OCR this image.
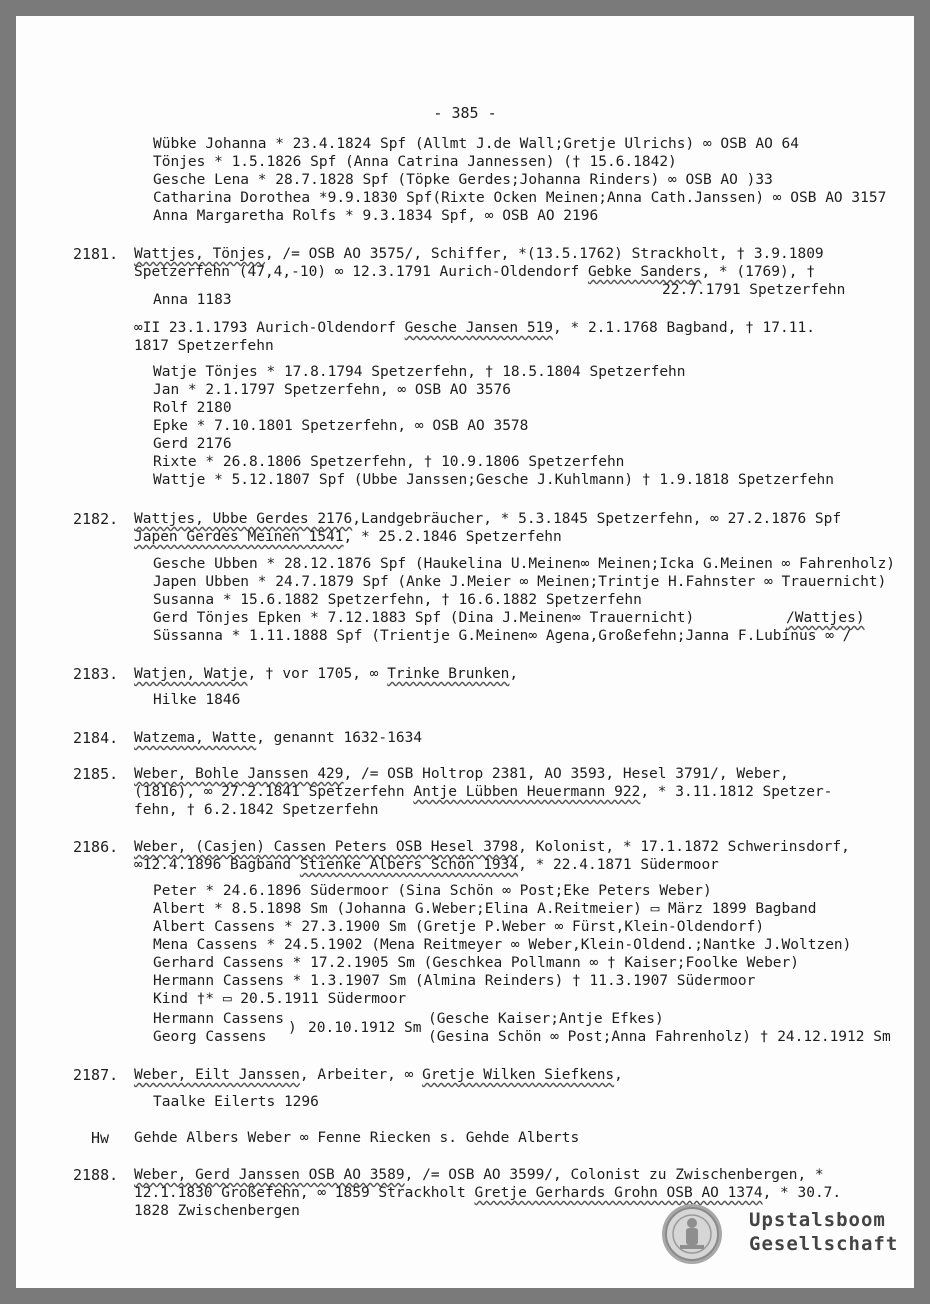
- 385 -
Wübke Johanna * 23.4.1824 Spf (Allmt J.de Wall;Gretje Ulrichs) ∞ OSB AO 64
Tönjes * 1.5.1826 Spf (Anna Catrina Jannessen) († 15.6.1842)
Gesche Lena * 28.7.1828 Spf (Töpke Gerdes;Johanna Rinders) ∞ OSB AO )33
Catharina Dorothea *9.9.1830 Spf(Rixte Ocken Meinen;Anna Cath.Janssen) ∞ OSB AO 3157
Anna Margaretha Rolfs * 9.3.1834 Spf, ∞ OSB AO 2196
2181. Wattjes, Tönjes, /= OSB AO 3575/, Schiffer, *(13.5.1762) Strackholt, † 3.9.1809
Spetzerfehn (47,4,-10) ∞ 12.3.1791 Aurich-Oldendorf Gebke Sanders, * (1769), †
22.7.1791 Spetzerfehn
Anna 1183
∞II 23.1.1793 Aurich-Oldendorf Gesche Jansen 519, * 2.1.1768 Bagband, † 17.11.
1817 Spetzerfehn
Watje Tönjes * 17.8.1794 Spetzerfehn, † 18.5.1804 Spetzerfehn
Jan * 2.1.1797 Spetzerfehn, ∞ OSB AO 3576
Rolf 2180
Epke * 7.10.1801 Spetzerfehn, ∞ OSB AO 3578
Gerd 2176
Rixte * 26.8.1806 Spetzerfehn, † 10.9.1806 Spetzerfehn
Wattje * 5.12.1807 Spf (Ubbe Janssen;Gesche J.Kuhlmann) † 1.9.1818 Spetzerfehn
2182. Wattjes, Ubbe Gerdes 2176,Landgebräucher, * 5.3.1845 Spetzerfehn, ∞ 27.2.1876 Spf
Japen Gerdes Meinen 1541, * 25.2.1846 Spetzerfehn
Gesche Ubben * 28.12.1876 Spf (Haukelina U.Meinen∞ Meinen;Icka G.Meinen ∞ Fahrenholz)
Japen Ubben * 24.7.1879 Spf (Anke J.Meier ∞ Meinen;Trintje H.Fahnster ∞ Trauernicht)
Susanna * 15.6.1882 Spetzerfehn, † 16.6.1882 Spetzerfehn
Gerd Tönjes Epken * 7.12.1883 Spf (Dina J.Meinen∞ Trauernicht)	/Wattjes)
Süssanna * 1.11.1888 Spf (Trientje G.Meinen∞ Agena,Großefehn;Janna F.Lubinus ∞ /
2183. Watjen, Watje, † vor 1705, ∞ Trinke Brunken,
Hilke 1846
2184. Watzema, Watte, genannt 1632-1634
2185. Weber, Bohle Janssen 429, /= OSB Holtrop 2381, AO 3593, Hesel 3791/, Weber,
(1816), ∞ 27.2.1841 Spetzerfehn Antje Lübben Heuermann 922, * 3.11.1812 Spetzer-
fehn, † 6.2.1842 Spetzerfehn
2186. Weber, (Casjen) Cassen Peters OSB Hesel 3798, Kolonist, * 17.1.1872 Schwerinsdorf,
∞12.4.1896 Bagband Stienke Albers Schön 1934, * 22.4.1871 Südermoor
Peter * 24.6.1896 Südermoor (Sina Schön ∞ Post;Eke Peters Weber)
Albert * 8.5.1898 Sm (Johanna G.Weber;Elina A.Reitmeier) ▭ März 1899 Bagband
Albert Cassens * 27.3.1900 Sm (Gretje P.Weber ∞ Fürst,Klein-Oldendorf)
Mena Cassens * 24.5.1902 (Mena Reitmeyer ∞ Weber,Klein-Oldend.;Nantke J.Woltzen)
Gerhard Cassens * 17.2.1905 Sm (Geschkea Pollmann ∞ † Kaiser;Foolke Weber)
Hermann Cassens * 1.3.1907 Sm (Almina Reinders) † 11.3.1907 Südermoor
Kind †* ▭ 20.5.1911 Südermoor
Hermann Cassens
Georg Cassens
) 20.10.1912 Sm
(Gesche Kaiser;Antje Efkes)
(Gesina Schön ∞ Post;Anna Fahrenholz) † 24.12.1912 Sm
2187. Weber, Eilt Janssen, Arbeiter, ∞ Gretje Wilken Siefkens,
Taalke Eilerts 1296
Hw Gehde Albers Weber ∞ Fenne Riecken s. Gehde Alberts
2188. Weber, Gerd Janssen OSB AO 3589, /= OSB AO 3599/, Colonist zu Zwischenbergen, *
12.1.1830 Großefehn, ∞ 1859 Strackholt Gretje Gerhards Grohn OSB AO 1374, * 30.7.
1828 Zwischenbergen	Upstalsboom
Gesellschaft
